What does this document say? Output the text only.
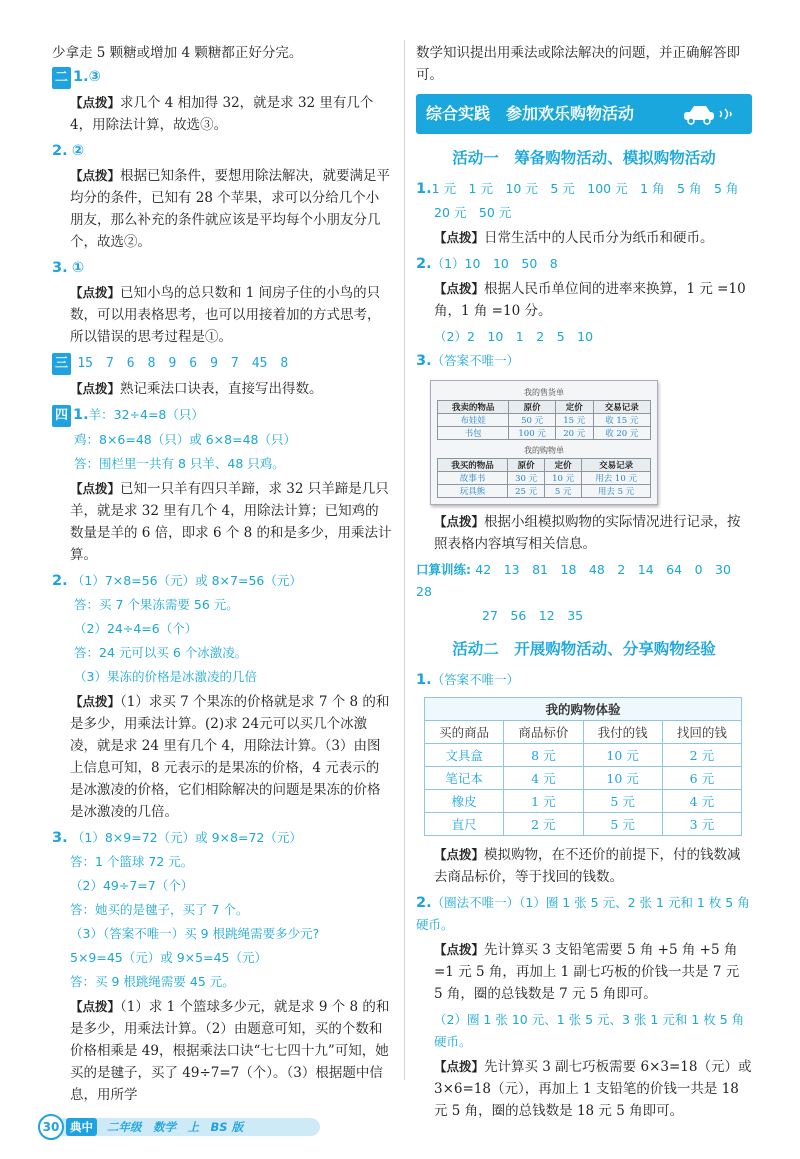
少拿走 5 颗糖或增加 4 颗糖都正好分完。

二 1.③

【点拨】求几个 4 相加得 32，就是求 32 里有几个 4，用除法计算，故选③。

2. ②

【点拨】根据已知条件，要想用除法解决，就要满足平均分的条件，已知有 28 个苹果，求可以分给几个小朋友，那么补充的条件就应该是平均每个小朋友分几个，故选②。

3. ①

【点拨】已知小鸟的总只数和 1 间房子住的小鸟的只数，可以用表格思考，也可以用接着加的方式思考，所以错误的思考过程是①。

三 15　7　6　8　9　6　9　7　45　8

【点拨】熟记乘法口诀表，直接写出得数。

四 1.羊：32÷4=8（只）

鸡：8×6=48（只）或 6×8=48（只）

答：围栏里一共有 8 只羊、48 只鸡。

【点拨】已知一只羊有四只羊蹄，求 32 只羊蹄是几只羊，就是求 32 里有几个 4，用除法计算；已知鸡的数量是羊的 6 倍，即求 6 个 8 的和是多少，用乘法计算。

2. （1）7×8=56（元）或 8×7=56（元）

答：买 7 个果冻需要 56 元。

（2）24÷4=6（个）

答：24 元可以买 6 个冰激凌。

（3）果冻的价格是冰激凌的几倍

【点拨】（1）求买 7 个果冻的价格就是求 7 个 8 的和是多少，用乘法计算。(2)求 24元可以买几个冰激凌，就是求 24 里有几个 4，用除法计算。（3）由图上信息可知，8 元表示的是果冻的价格，4 元表示的是冰激凌的价格，它们相除解决的问题是果冻的价格是冰激凌的几倍。

3. （1）8×9=72（元）或 9×8=72（元）

答：1 个篮球 72 元。

（2）49÷7=7（个）

答：她买的是毽子，买了 7 个。

（3）（答案不唯一）买 9 根跳绳需要多少元?

5×9=45（元）或 9×5=45（元）

答：买 9 根跳绳需要 45 元。

【点拨】（1）求 1 个篮球多少元，就是求 9 个 8 的和是多少，用乘法计算。（2）由题意可知，买的个数和价格相乘是 49，根据乘法口诀“七七四十九”可知，她买的是毽子，买了 49÷7=7（个）。（3）根据题中信息，用所学

数学知识提出用乘法或除法解决的问题，并正确解答即可。

综合实践　参加欢乐购物活动
活动一　筹备购物活动、模拟购物活动

1.1 元　1 元　10 元　5 元　100 元　1 角　5 角　5 角

20 元　50 元

【点拨】日常生活中的人民币分为纸币和硬币。

2.（1）10　10　50　8

【点拨】根据人民币单位间的进率来换算，1 元 =10 角，1 角 =10 分。

（2）2　10　1　2　5　10

3.（答案不唯一）

我的售货单
我卖的物品	原价	定价	交易记录
布娃娃	50 元	15 元	收 15 元
书包	100 元	20 元	收 20 元
我的购物单
我买的物品	原价	定价	交易记录
故事书	30 元	10 元	用去 10 元
玩具熊	25 元	5 元	用去 5 元

【点拨】根据小组模拟购物的实际情况进行记录，按照表格内容填写相关信息。

口算训练: 42　13　81　18　48　2　14　64　0　30　28

27　56　12　35

活动二　开展购物活动、分享购物经验

1.（答案不唯一）

我的购物体验			
买的商品	商品标价	我付的钱	找回的钱
文具盒	8 元	10 元	2 元
笔记本	4 元	10 元	6 元
橡皮	1 元	5 元	4 元
直尺	2 元	5 元	3 元

【点拨】模拟购物，在不还价的前提下，付的钱数减去商品标价，等于找回的钱数。

2.（圈法不唯一）（1）圈 1 张 5 元、2 张 1 元和 1 枚 5 角硬币。

【点拨】先计算买 3 支铅笔需要 5 角 +5 角 +5 角 =1 元 5 角，再加上 1 副七巧板的价钱一共是 7 元 5 角，圈的总钱数是 7 元 5 角即可。

（2）圈 1 张 10 元、1 张 5 元、3 张 1 元和 1 枚 5 角硬币。

【点拨】先计算买 3 副七巧板需要 6×3=18（元）或 3×6=18（元），再加上 1 支铅笔的价钱一共是 18 元 5 角，圈的总钱数是 18 元 5 角即可。

典中 二年级　数学　上　BS 版
30
